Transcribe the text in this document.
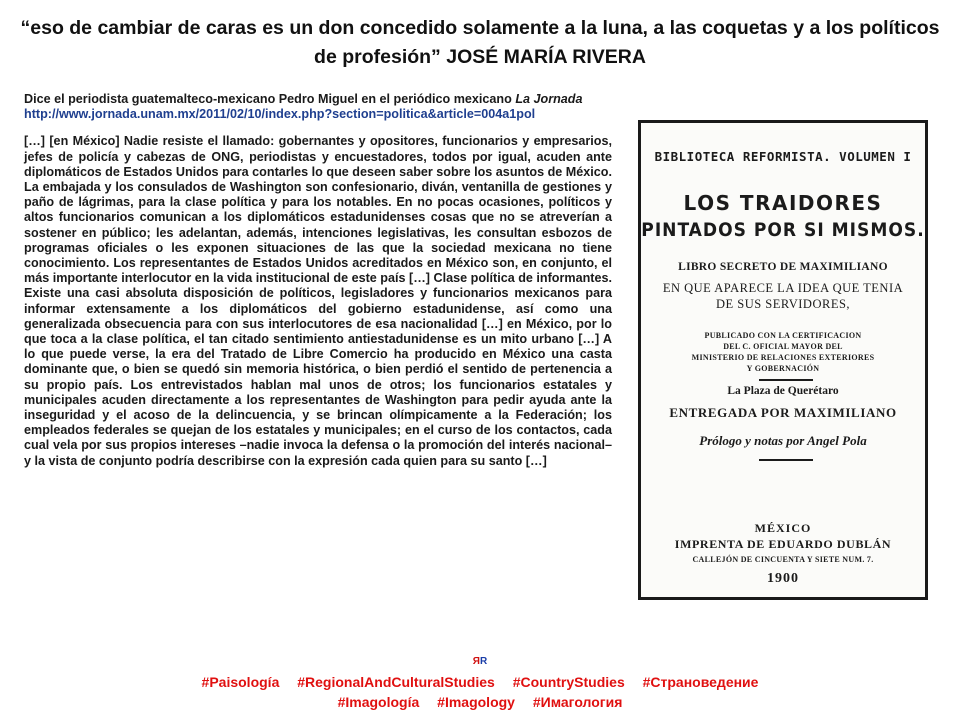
“eso de cambiar de caras es un don concedido solamente a la luna, a las coquetas y a los políticos de profesión” JOSÉ MARÍA RIVERA

Dice el periodista guatemalteco-mexicano Pedro Miguel en el periódico mexicano La Jornada

http://www.jornada.unam.mx/2011/02/10/index.php?section=politica&article=004a1pol

[…] [en México] Nadie resiste el llamado: gobernantes y opositores, funcionarios y empresarios, jefes de policía y cabezas de ONG, periodistas y encuestadores, todos por igual, acuden ante diplomáticos de Estados Unidos para contarles lo que deseen saber sobre los asuntos de México. La embajada y los consulados de Washington son confesionario, diván, ventanilla de gestiones y paño de lágrimas, para la clase política y para los notables. En no pocas ocasiones, políticos y altos funcionarios comunican a los diplomáticos estadunidenses cosas que no se atreverían a sostener en público; les adelantan, además, intenciones legislativas, les consultan esbozos de programas oficiales o les exponen situaciones de las que la sociedad mexicana no tiene conocimiento. Los representantes de Estados Unidos acreditados en México son, en conjunto, el más importante interlocutor en la vida institucional de este país […] Clase política de informantes. Existe una casi absoluta disposición de políticos, legisladores y funcionarios mexicanos para informar extensamente a los diplomáticos del gobierno estadunidense, así como una generalizada obsecuencia para con sus interlocutores de esa nacionalidad […] en México, por lo que toca a la clase política, el tan citado sentimiento antiestadunidense es un mito urbano […] A lo que puede verse, la era del Tratado de Libre Comercio ha producido en México una casta dominante que, o bien se quedó sin memoria histórica, o bien perdió el sentido de pertenencia a su propio país. Los entrevistados hablan mal unos de otros; los funcionarios estatales y municipales acuden directamente a los representantes de Washington para pedir ayuda ante la inseguridad y el acoso de la delincuencia, y se brincan olímpicamente a la Federación; los empleados federales se quejan de los estatales y municipales; en el curso de los contactos, cada cual vela por sus propios intereses –nadie invoca la defensa o la promoción del interés nacional– y la vista de conjunto podría describirse con la expresión cada quien para su santo […]

BIBLIOTECA REFORMISTA. VOLUMEN I
LOS TRAIDORES
PINTADOS POR SI MISMOS.
LIBRO SECRETO DE MAXIMILIANO
EN QUE APARECE LA IDEA QUE TENIA
DE SUS SERVIDORES,
PUBLICADO CON LA CERTIFICACION
DEL C. OFICIAL MAYOR DEL
MINISTERIO DE RELACIONES EXTERIORES
Y GOBERNACIÓN
La Plaza de Querétaro
ENTREGADA POR MAXIMILIANO
Prólogo y notas por Angel Pola
MÉXICO
IMPRENTA DE EDUARDO DUBLÁN
CALLEJÓN DE CINCUENTA Y SIETE NUM. 7.
1900
ЯR
#Paisología #RegionalAndCulturalStudies #CountryStudies #Страноведение
#Imagología #Imagology #Имагология
